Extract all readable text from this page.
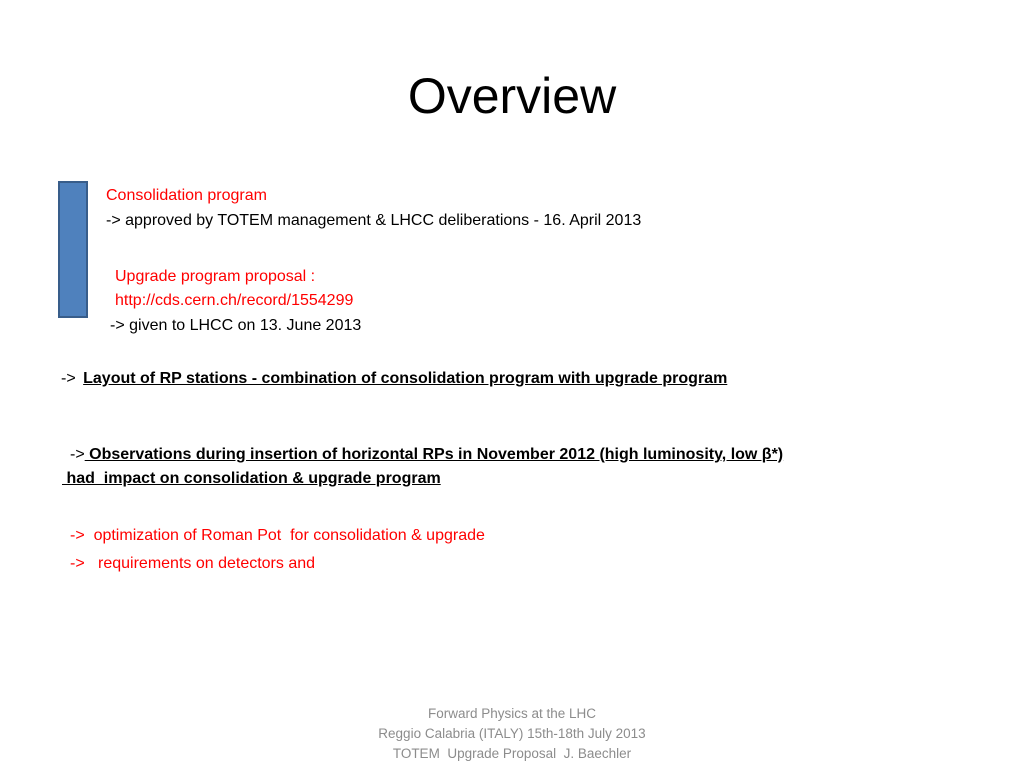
Overview
Consolidation program
-> approved by TOTEM management & LHCC deliberations - 16. April 2013
Upgrade program proposal :
http://cds.cern.ch/record/1554299
-> given to LHCC on 13. June 2013
-> Layout of RP stations - combination of consolidation program with upgrade program
-> Observations during insertion of horizontal RPs in November 2012 (high luminosity, low β*)
had  impact on consolidation & upgrade program
->  optimization of Roman Pot  for consolidation & upgrade
->   requirements on detectors and
Forward Physics at the LHC
Reggio Calabria (ITALY) 15th-18th July 2013
TOTEM  Upgrade Proposal  J. Baechler
